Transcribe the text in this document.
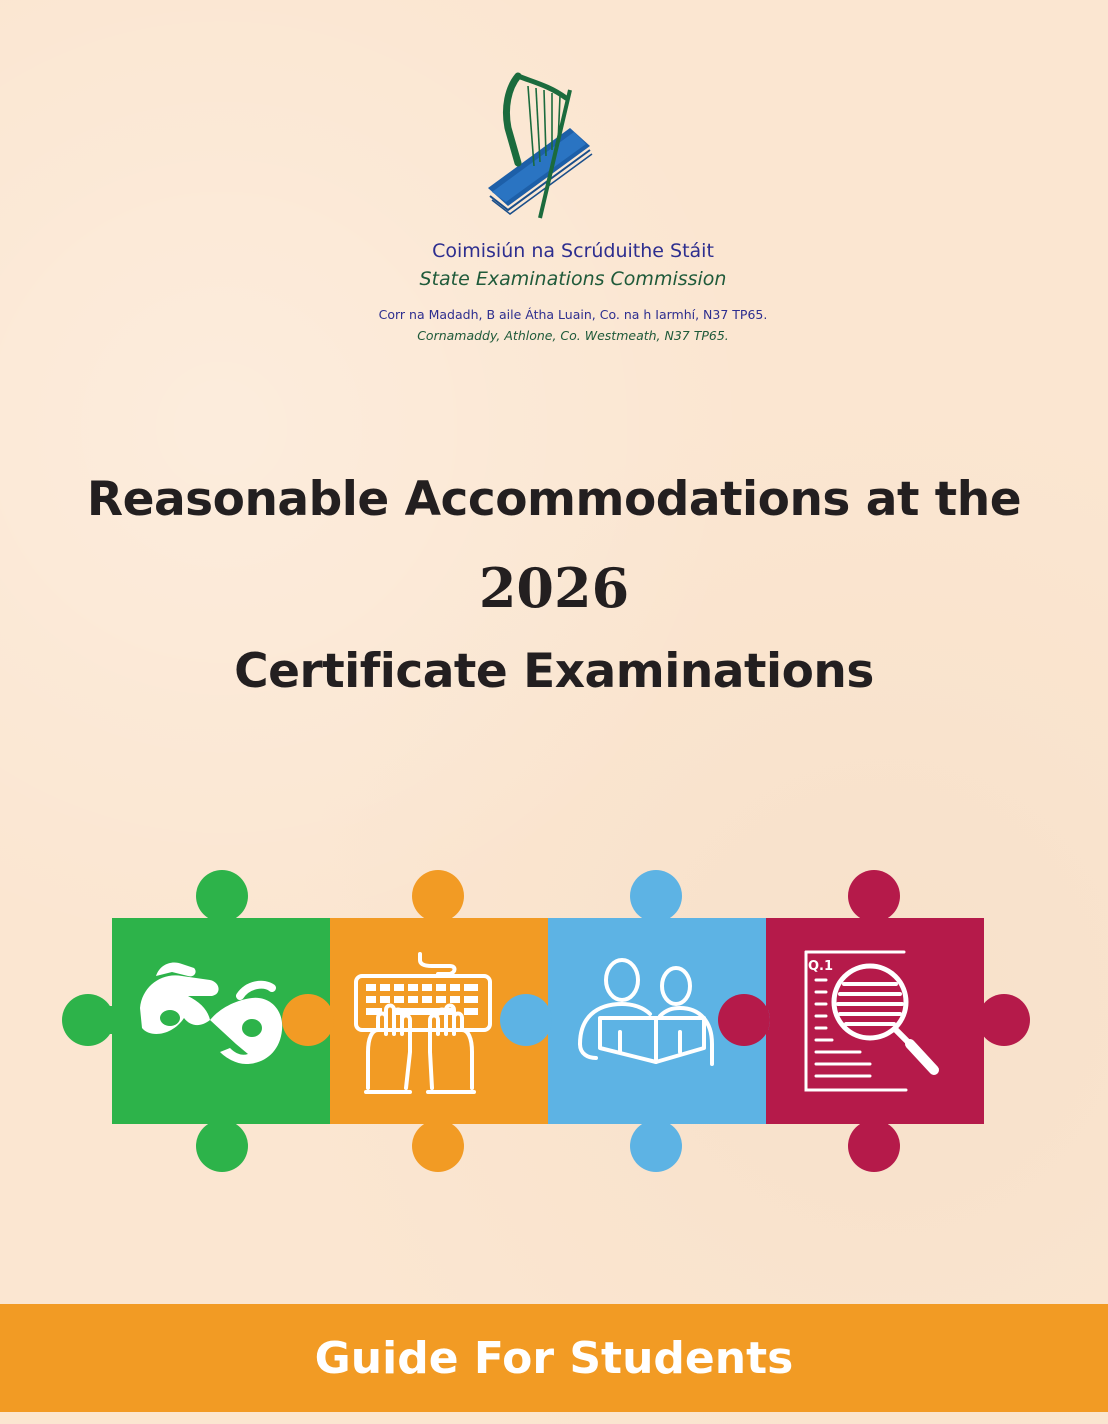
Coimisiún na Scrúduithe Stáit
State Examinations Commission
Corr na Madadh, B aile Átha Luain, Co. na h Iarmhí, N37 TP65.
Cornamaddy, Athlone, Co. Westmeath, N37 TP65.
Reasonable Accommodations at the
2026
Certificate Examinations
Q.1
Guide For Students
